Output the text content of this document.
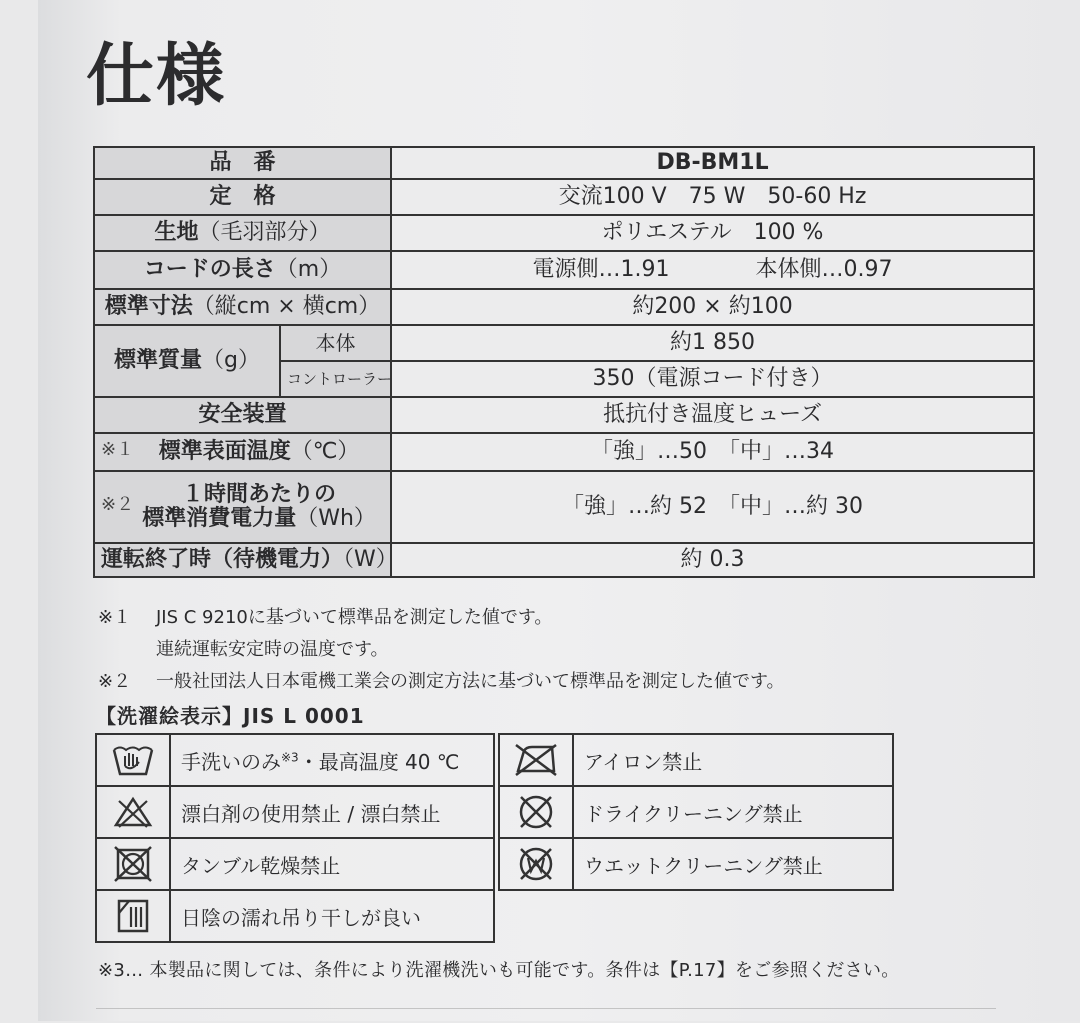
仕様
品　番		DB-BM1L
定　格		交流100 V　75 W　50-60 Hz
生地（毛羽部分）		ポリエステル　100 %
コードの長さ（m）		電源側…1.91 本体側…0.97
標準寸法（縦cm × 横cm）		約200 × 約100
標準質量（g）	本体	約1 850
	コントローラー	350（電源コード付き）
安全装置		抵抗付き温度ヒューズ

※１ 標準表面温度（℃）		「強」…50　「中」…34

※２ １時間あたりの
標準消費電力量（Wh）		「強」…約 52　「中」…約 30
運転終了時（待機電力）（W）		約 0.3
※１	JIS C 9210に基づいて標準品を測定した値です。
連続運転安定時の温度です。
※２	一般社団法人日本電機工業会の測定方法に基づいて標準品を測定した値です。
【洗濯絵表示】JIS L 0001
	手洗いのみ$^{※3}$・最高温度 40 ℃

	漂白剤の使用禁止 / 漂白禁止

	タンブル乾燥禁止

	日陰の濡れ吊り干しが良い
	アイロン禁止

	ドライクリーニング禁止

	ウエットクリーニング禁止
※3… 本製品に関しては、条件により洗濯機洗いも可能です。条件は【P.17】をご参照ください。
